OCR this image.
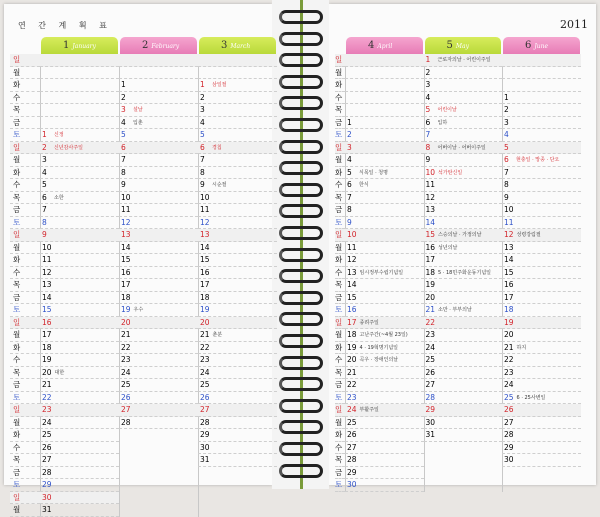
연 간 계 획 표	2011
일
월
화
수
목
금
토
일
월
화
수
목
금
토
일
월
화
수
목
금
토
일
월
화
수
목
금
토
일
월
화
수
목
금
토
일
월
1 January
1 신정
2 신년감사주일
3
4
5
6 소한
7
8
9
10
11
12
13
14
15
16
17
18
19
20 대한
21
22
23
24
25
26
27
28
29
30
31
2 February
1
2
3 설날
4 입춘
5
6
7
8
9
10
11
12
13
14
15
16
17
18
19 우수
20
21
22
23
24
25
26
27
28
3 March
1 삼일절
2
3
4
5
6 경칩
7
8
9 시순절
10
11
12
13
14
15
16
17
18
19
20
21 춘분
22
23
24
25
26
27
28
29
30
31
일
월
화
수
목
금
토
일
월
화
수
목
금
토
일
월
화
수
목
금
토
일
월
화
수
목
금
토
일
월
화
수
목
금
토
4 April
1
2
3
4
5 식목일 · 청명
6 한식
7
8
9
10
11
12
13 임시정부수립기념일
14
15
16
17 종려주일
18 고난주간(~4월 23일)
19 4 · 19혁명기념일
20 곡우 · 장애인의날
21
22
23
24 부활주일
25
26
27
28
29
30
5 May
1 근로자의날 · 어린이주일
2
3
4
5 어린이날
6 입하
7
8 어버이날 · 어버이주일
9
10 석가탄신일
11
12
13
14
15 스승의날 · 가정의날
16 성년의날
17
18 5 · 18민주화운동기념일
19
20
21 소만 · 부부의날
22
23
24
25
26
27
28
29
30
31
6 June
1
2
3
4
5
6 현충일 · 망종 · 단오
7
8
9
10
11
12 성령강림절
13
14
15
16
17
18
19
20
21 하지
22
23
24
25 6 · 25사변일
26
27
28
29
30
